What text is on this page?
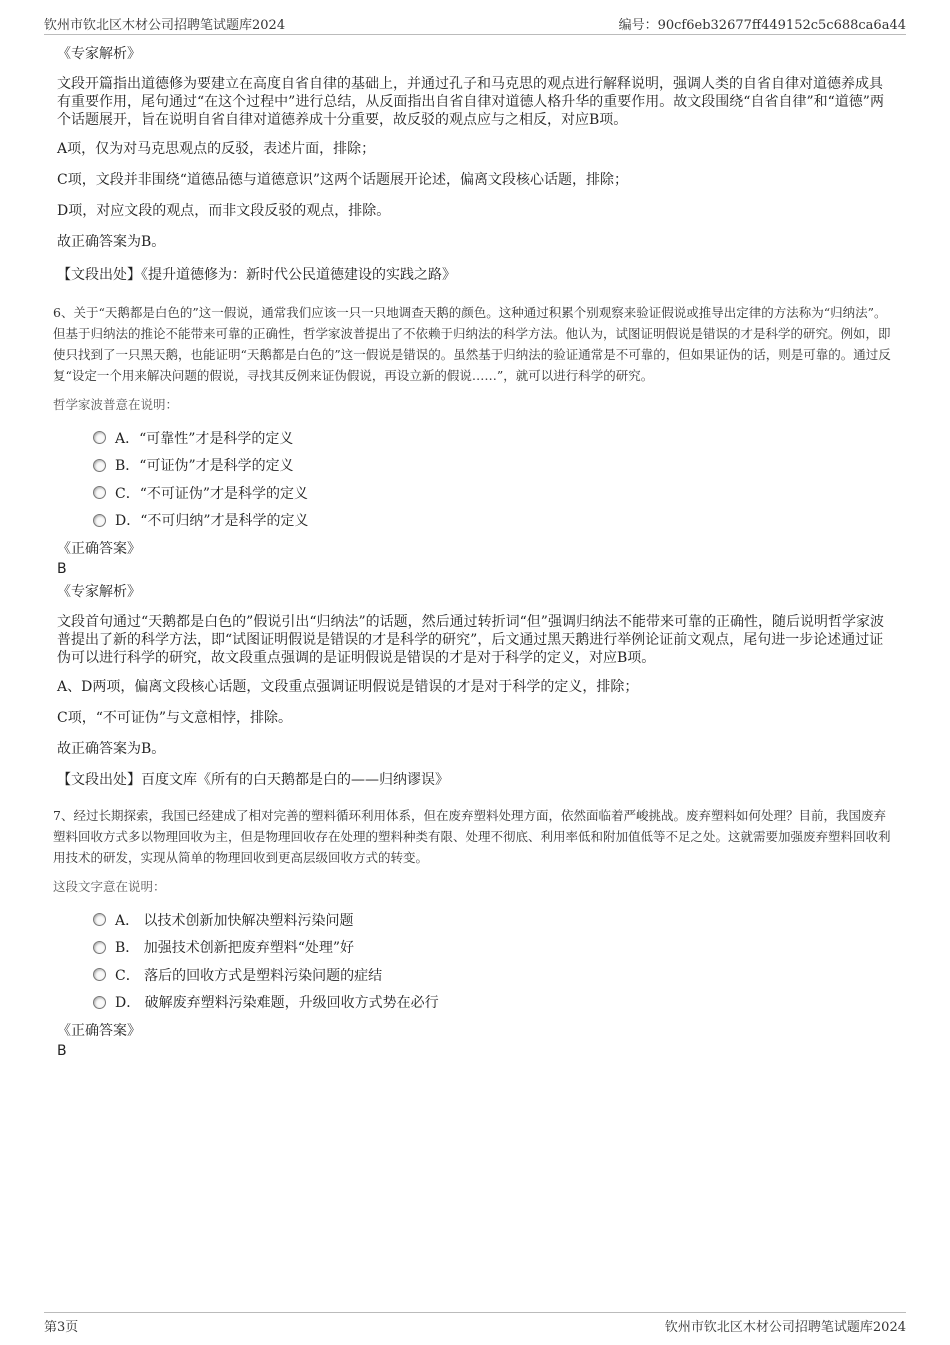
钦州市钦北区木材公司招聘笔试题库2024	编号：90cf6eb32677ff449152c5c688ca6a44

《专家解析》

文段开篇指出道德修为要建立在高度自省自律的基础上，并通过孔子和马克思的观点进行解释说明，强调人类的自省自律对道德养成具有重要作用，尾句通过“在这个过程中”进行总结，从反面指出自省自律对道德人格升华的重要作用。故文段围绕“自省自律”和“道德”两个话题展开，旨在说明自省自律对道德养成十分重要，故反驳的观点应与之相反，对应B项。

A项，仅为对马克思观点的反驳，表述片面，排除；

C项，文段并非围绕“道德品德与道德意识”这两个话题展开论述，偏离文段核心话题，排除；

D项，对应文段的观点，而非文段反驳的观点，排除。

故正确答案为B。

【文段出处】《提升道德修为：新时代公民道德建设的实践之路》

6、关于“天鹅都是白色的”这一假说，通常我们应该一只一只地调查天鹅的颜色。这种通过积累个别观察来验证假说或推导出定律的方法称为“归纳法”。但基于归纳法的推论不能带来可靠的正确性，哲学家波普提出了不依赖于归纳法的科学方法。他认为，试图证明假说是错误的才是科学的研究。例如，即使只找到了一只黑天鹅，也能证明“天鹅都是白色的”这一假说是错误的。虽然基于归纳法的验证通常是不可靠的，但如果证伪的话，则是可靠的。通过反复“设定一个用来解决问题的假说，寻找其反例来证伪假说，再设立新的假说……”，就可以进行科学的研究。

哲学家波普意在说明：

A．“可靠性”才是科学的定义
B．“可证伪”才是科学的定义
C．“不可证伪”才是科学的定义
D．“不可归纳”才是科学的定义

《正确答案》

B

《专家解析》

文段首句通过“天鹅都是白色的”假说引出“归纳法”的话题，然后通过转折词“但”强调归纳法不能带来可靠的正确性，随后说明哲学家波普提出了新的科学方法，即“试图证明假说是错误的才是科学的研究”，后文通过黑天鹅进行举例论证前文观点，尾句进一步论述通过证伪可以进行科学的研究，故文段重点强调的是证明假说是错误的才是对于科学的定义，对应B项。

A、D两项，偏离文段核心话题，文段重点强调证明假说是错误的才是对于科学的定义，排除；

C项，“不可证伪”与文意相悖，排除。

故正确答案为B。

【文段出处】百度文库《所有的白天鹅都是白的——归纳谬误》

7、经过长期探索，我国已经建成了相对完善的塑料循环利用体系，但在废弃塑料处理方面，依然面临着严峻挑战。废弃塑料如何处理？目前，我国废弃塑料回收方式多以物理回收为主，但是物理回收存在处理的塑料种类有限、处理不彻底、利用率低和附加值低等不足之处。这就需要加强废弃塑料回收利用技术的研发，实现从简单的物理回收到更高层级回收方式的转变。

这段文字意在说明：

A． 以技术创新加快解决塑料污染问题
B． 加强技术创新把废弃塑料“处理”好
C． 落后的回收方式是塑料污染问题的症结
D． 破解废弃塑料污染难题，升级回收方式势在必行

《正确答案》

B

第3页	钦州市钦北区木材公司招聘笔试题库2024
